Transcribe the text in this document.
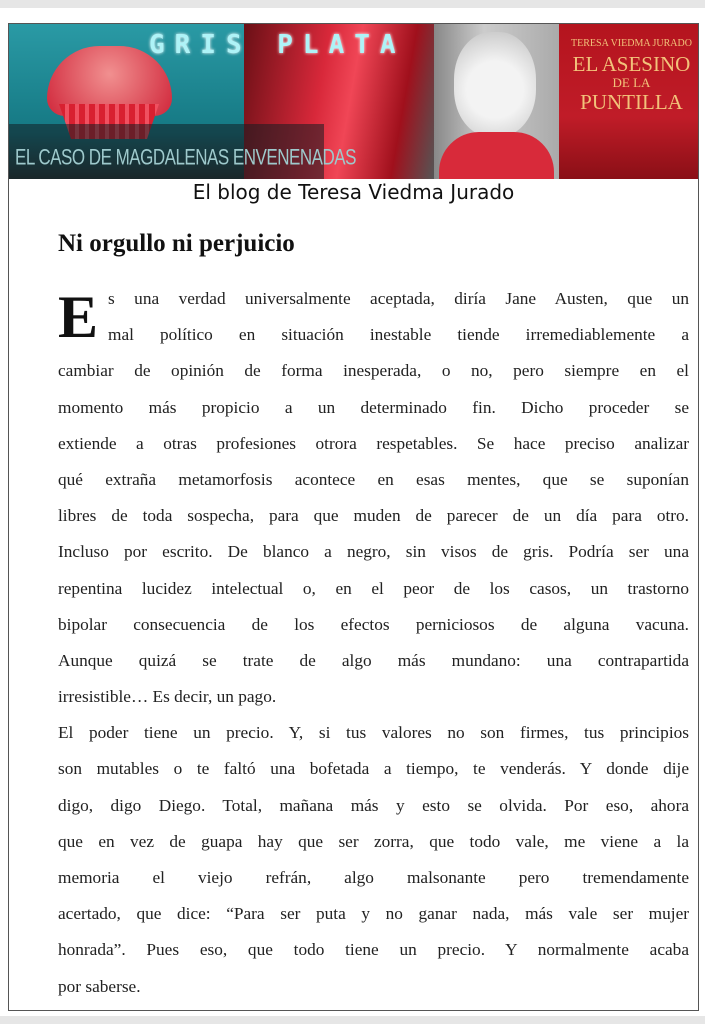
GRIS PLATA
EL CASO DE MAGDALENAS ENVENENADAS
TERESA VIEDMA JURADO
EL ASESINO
DE LA
PUNTILLA
El blog de Teresa Viedma Jurado
Ni orgullo ni perjuicio
E s una verdad universalmente aceptada, diría Jane Austen, que un
mal político en situación inestable tiende irremediablemente a
cambiar de opinión de forma inesperada, o no, pero siempre en el
momento más propicio a un determinado fin. Dicho proceder se
extiende a otras profesiones otrora respetables. Se hace preciso analizar
qué extraña metamorfosis acontece en esas mentes, que se suponían
libres de toda sospecha, para que muden de parecer de un día para otro.
Incluso por escrito. De blanco a negro, sin visos de gris. Podría ser una
repentina lucidez intelectual o, en el peor de los casos, un trastorno
bipolar consecuencia de los efectos perniciosos de alguna vacuna.
Aunque quizá se trate de algo más mundano: una contrapartida
irresistible… Es decir, un pago.
El poder tiene un precio. Y, si tus valores no son firmes, tus principios
son mutables o te faltó una bofetada a tiempo, te venderás. Y donde dije
digo, digo Diego. Total, mañana más y esto se olvida. Por eso, ahora
que en vez de guapa hay que ser zorra, que todo vale, me viene a la
memoria el viejo refrán, algo malsonante pero tremendamente
acertado, que dice: “Para ser puta y no ganar nada, más vale ser mujer
honrada”. Pues eso, que todo tiene un precio. Y normalmente acaba
por saberse.
